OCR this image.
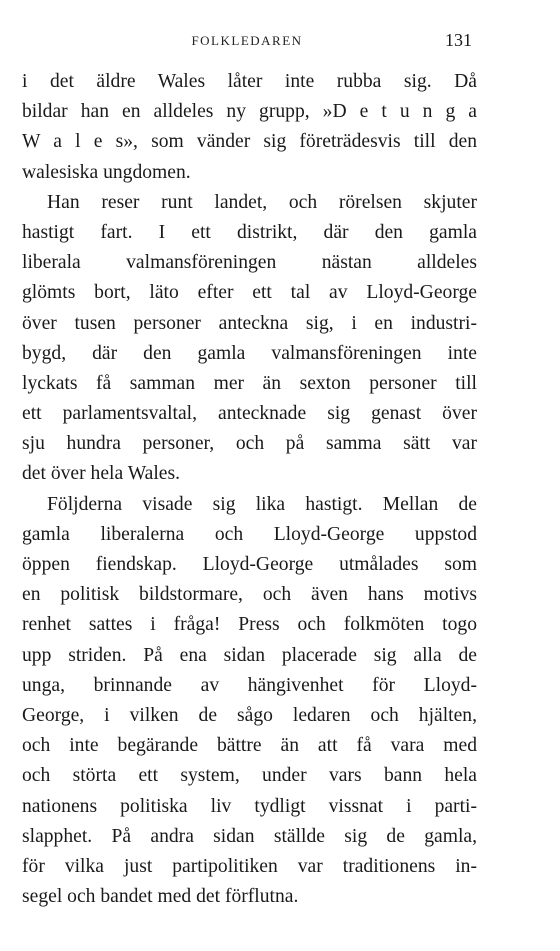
FOLKLEDAREN	131
i det äldre Wales låter inte rubba sig. Då
bildar han en alldeles ny grupp, »D e t u n g a
W a l e s», som vänder sig företrädesvis till den
walesiska ungdomen.
Han reser runt landet, och rörelsen skjuter
hastigt fart. I ett distrikt, där den gamla
liberala valmansföreningen nästan alldeles
glömts bort, läto efter ett tal av Lloyd-George
över tusen personer anteckna sig, i en industri-
bygd, där den gamla valmansföreningen inte
lyckats få samman mer än sexton personer till
ett parlamentsvaltal, antecknade sig genast över
sju hundra personer, och på samma sätt var
det över hela Wales.
Följderna visade sig lika hastigt. Mellan de
gamla liberalerna och Lloyd-George uppstod
öppen fiendskap. Lloyd-George utmålades som
en politisk bildstormare, och även hans motivs
renhet sattes i fråga! Press och folkmöten togo
upp striden. På ena sidan placerade sig alla de
unga, brinnande av hängivenhet för Lloyd-
George, i vilken de sågo ledaren och hjälten,
och inte begärande bättre än att få vara med
och störta ett system, under vars bann hela
nationens politiska liv tydligt vissnat i parti-
slapphet. På andra sidan ställde sig de gamla,
för vilka just partipolitiken var traditionens in-
segel och bandet med det förflutna.
